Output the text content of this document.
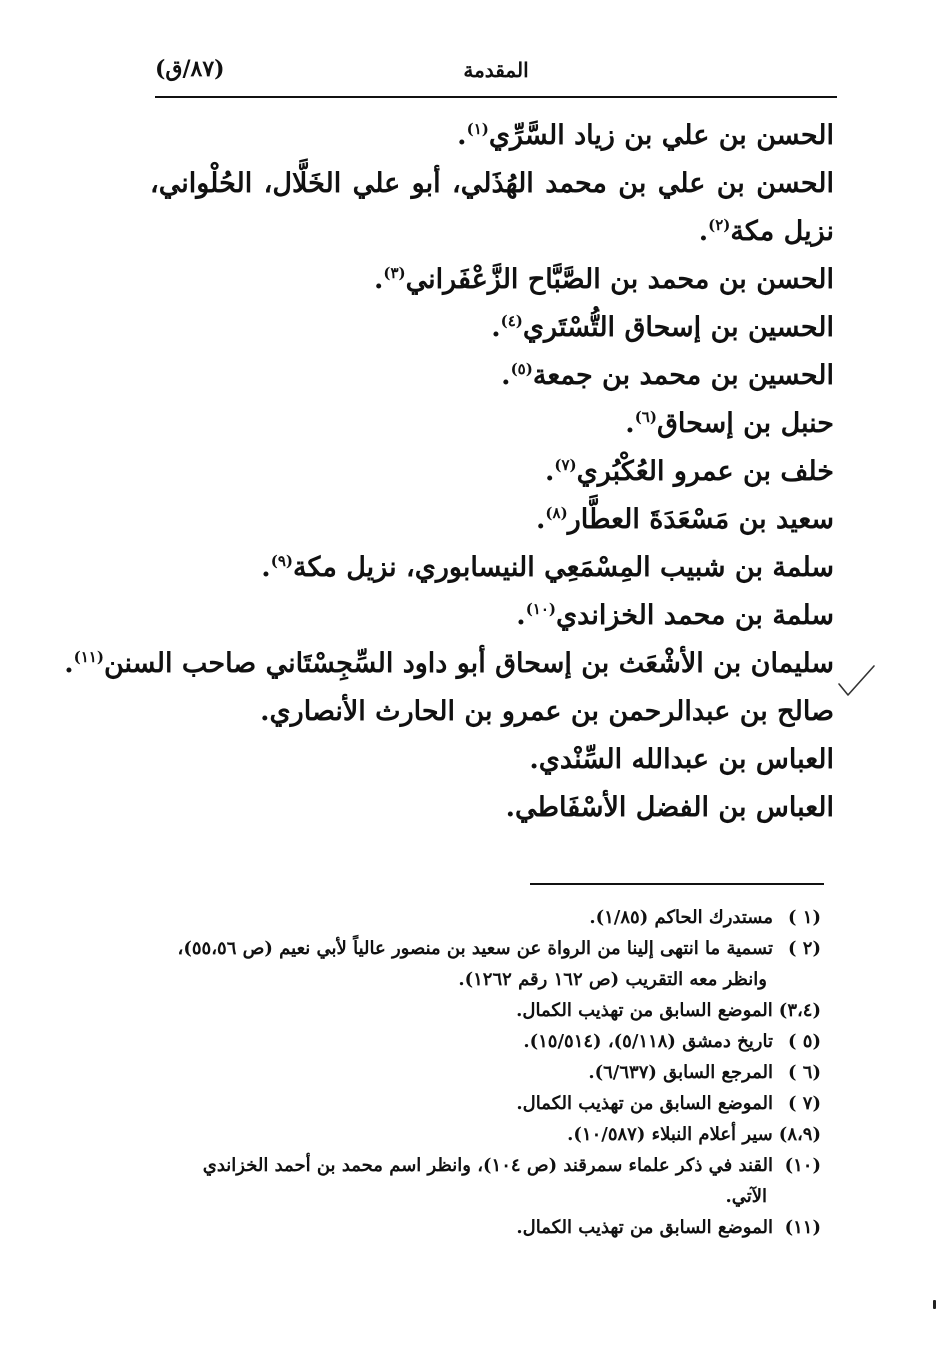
(٨٧/ق)	المقدمة
الحسن بن علي بن زياد السَّرِّي$^{(١)}$.
الحسن بن علي بن محمد الهُذَلي، أبو علي الخَلَّال، الحُلْواني، نزيل مكة$^{(٢)}$.
الحسن بن محمد بن الصَّبَّاح الزَّعْفَراني$^{(٣)}$.
الحسين بن إسحاق التُّسْتَري$^{(٤)}$.
الحسين بن محمد بن جمعة$^{(٥)}$.
حنبل بن إسحاق$^{(٦)}$.
خلف بن عمرو العُكْبُري$^{(٧)}$.
سعيد بن مَسْعَدَةَ العطَّار$^{(٨)}$.
سلمة بن شبيب المِسْمَعِي النيسابوري، نزيل مكة$^{(٩)}$.
سلمة بن محمد الخزاندي$^{(١٠)}$.
سليمان بن الأشْعَث بن إسحاق أبو داود السِّجِسْتَاني صاحب السنن$^{(١١)}$.
صالح بن عبدالرحمن بن عمرو بن الحارث الأنصاري.
العباس بن عبدالله السِّنْدي.
العباس بن الفضل الأسْفَاطي.
(١ )مستدرك الحاكم (١/٨٥).
(٢ )تسمية ما انتهى إلينا من الرواة عن سعيد بن منصور عالياً لأبي نعيم (ص ٥٥،٥٦)،
وانظر معه التقريب (ص ١٦٢ رقم ١٢٦٢).
(٣،٤)الموضع السابق من تهذيب الكمال.
(٥ )تاريخ دمشق (٥/١١٨)، (١٥/٥١٤).
(٦ )المرجع السابق (٦/٦٣٧).
(٧ )الموضع السابق من تهذيب الكمال.
(٨،٩)سير أعلام النبلاء (١٠/٥٨٧).
(١٠)القند في ذكر علماء سمرقند (ص ١٠٤)، وانظر اسم محمد بن أحمد الخزاندي
الآتي.
(١١)الموضع السابق من تهذيب الكمال.
